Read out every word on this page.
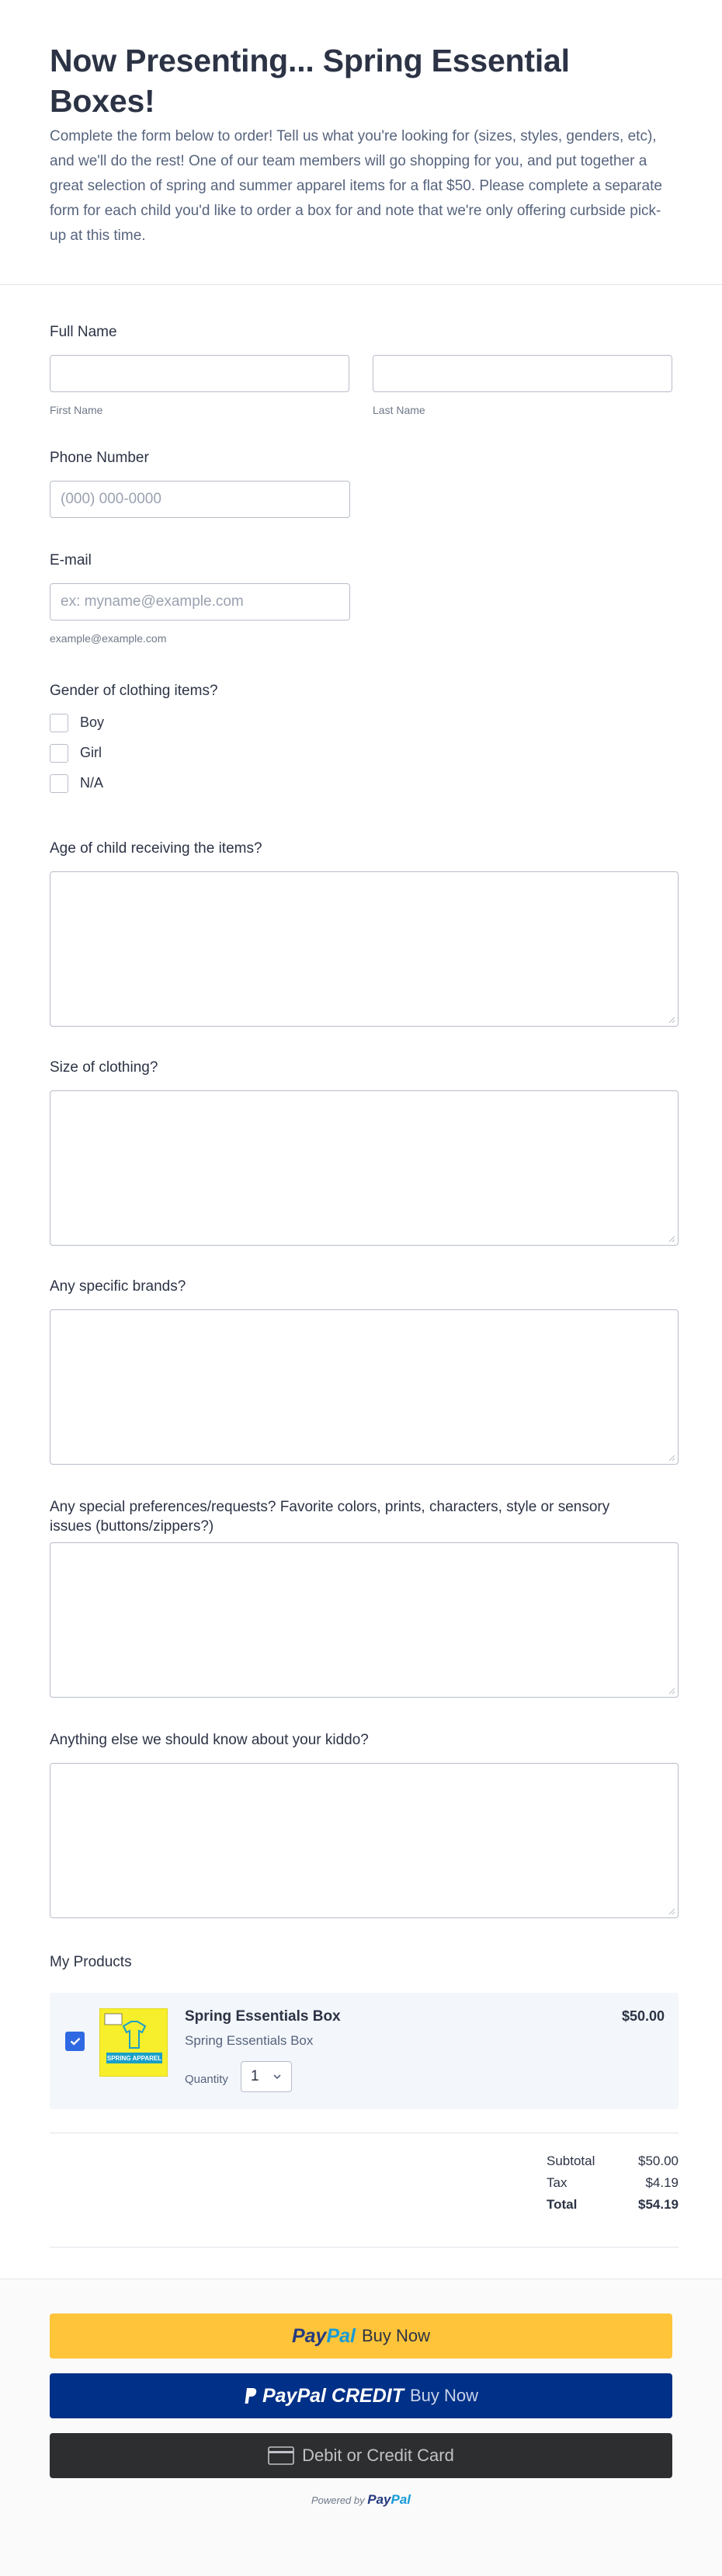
Now Presenting... Spring Essential Boxes!

Complete the form below to order! Tell us what you're looking for (sizes, styles, genders, etc), and we'll do the rest! One of our team members will go shopping for you, and put together a great selection of spring and summer apparel items for a flat $50. Please complete a separate form for each child you'd like to order a box for and note that we're only offering curbside pick-up at this time.

Full Name
First Name	Last Name
Phone Number
(000) 000-0000
E-mail
ex: myname@example.com
example@example.com
Gender of clothing items?
Boy
Girl
N/A
Age of child receiving the items?
Size of clothing?
Any specific brands?
Any special preferences/requests? Favorite colors, prints, characters, style or sensory issues (buttons/zippers?)
Anything else we should know about your kiddo?
My Products
SPRING APPAREL
Spring Essentials Box
Spring Essentials Box
$50.00
Quantity 1
Subtotal	$50.00
Tax	$4.19
Total	$54.19
Pay Pal Buy Now
PayPal CREDIT Buy Now
Debit or Credit Card
Powered by PayPal
